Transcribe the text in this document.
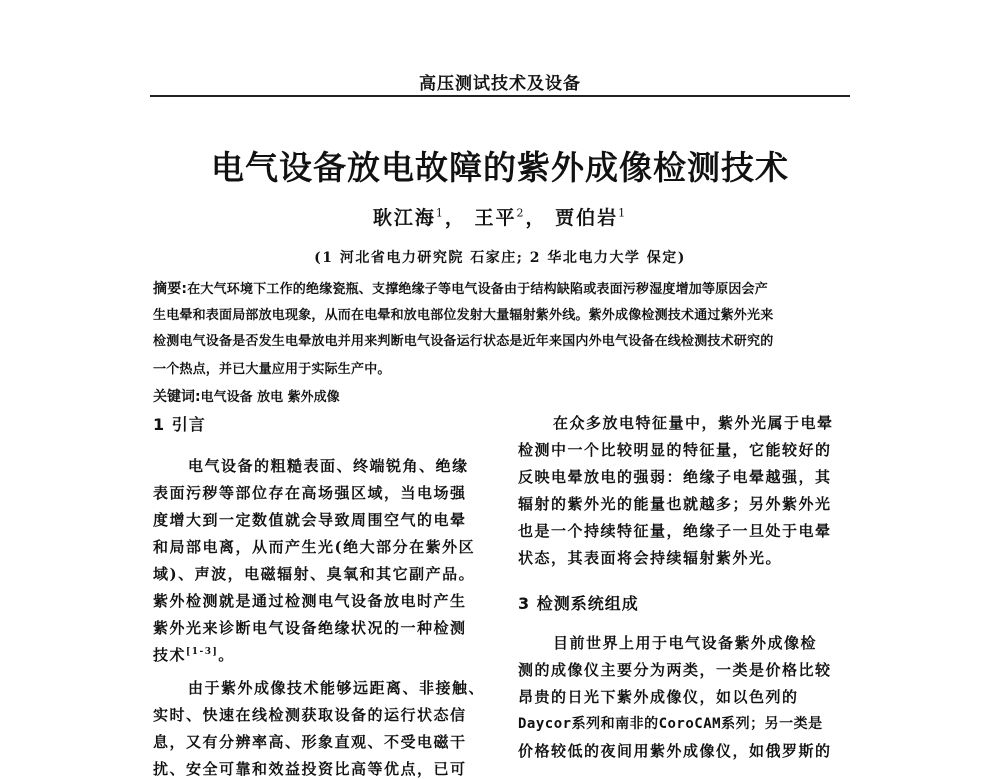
高压测试技术及设备
电气设备放电故障的紫外成像检测技术
耿江海$^1$， 王平$^2$， 贾伯岩$^1$
(1 河北省电力研究院 石家庄; 2 华北电力大学 保定)
摘要:在大气环境下工作的绝缘瓷瓶、支撑绝缘子等电气设备由于结构缺陷或表面污秽湿度增加等原因会产
生电晕和表面局部放电现象，从而在电晕和放电部位发射大量辐射紫外线。紫外成像检测技术通过紫外光来
检测电气设备是否发生电晕放电并用来判断电气设备运行状态是近年来国内外电气设备在线检测技术研究的
一个热点，并已大量应用于实际生产中。
关键词:电气设备 放电 紫外成像
1 引言
电气设备的粗糙表面、终端锐角、绝缘
表面污秽等部位存在高场强区域，当电场强
度增大到一定数值就会导致周围空气的电晕
和局部电离，从而产生光(绝大部分在紫外区
域)、声波，电磁辐射、臭氧和其它副产品。
紫外检测就是通过检测电气设备放电时产生
紫外光来诊断电气设备绝缘状况的一种检测
技术[1-3]。
由于紫外成像技术能够远距离、非接触、
实时、快速在线检测获取设备的运行状态信
息，又有分辨率高、形象直观、不受电磁干
扰、安全可靠和效益投资比高等优点，已可
在众多放电特征量中，紫外光属于电晕
检测中一个比较明显的特征量，它能较好的
反映电晕放电的强弱：绝缘子电晕越强，其
辐射的紫外光的能量也就越多；另外紫外光
也是一个持续特征量，绝缘子一旦处于电晕
状态，其表面将会持续辐射紫外光。
3 检测系统组成
目前世界上用于电气设备紫外成像检
测的成像仪主要分为两类，一类是价格比较
昂贵的日光下紫外成像仪，如以色列的
Daycor系列和南非的CoroCAM系列；另一类是
价格较低的夜间用紫外成像仪，如俄罗斯的
